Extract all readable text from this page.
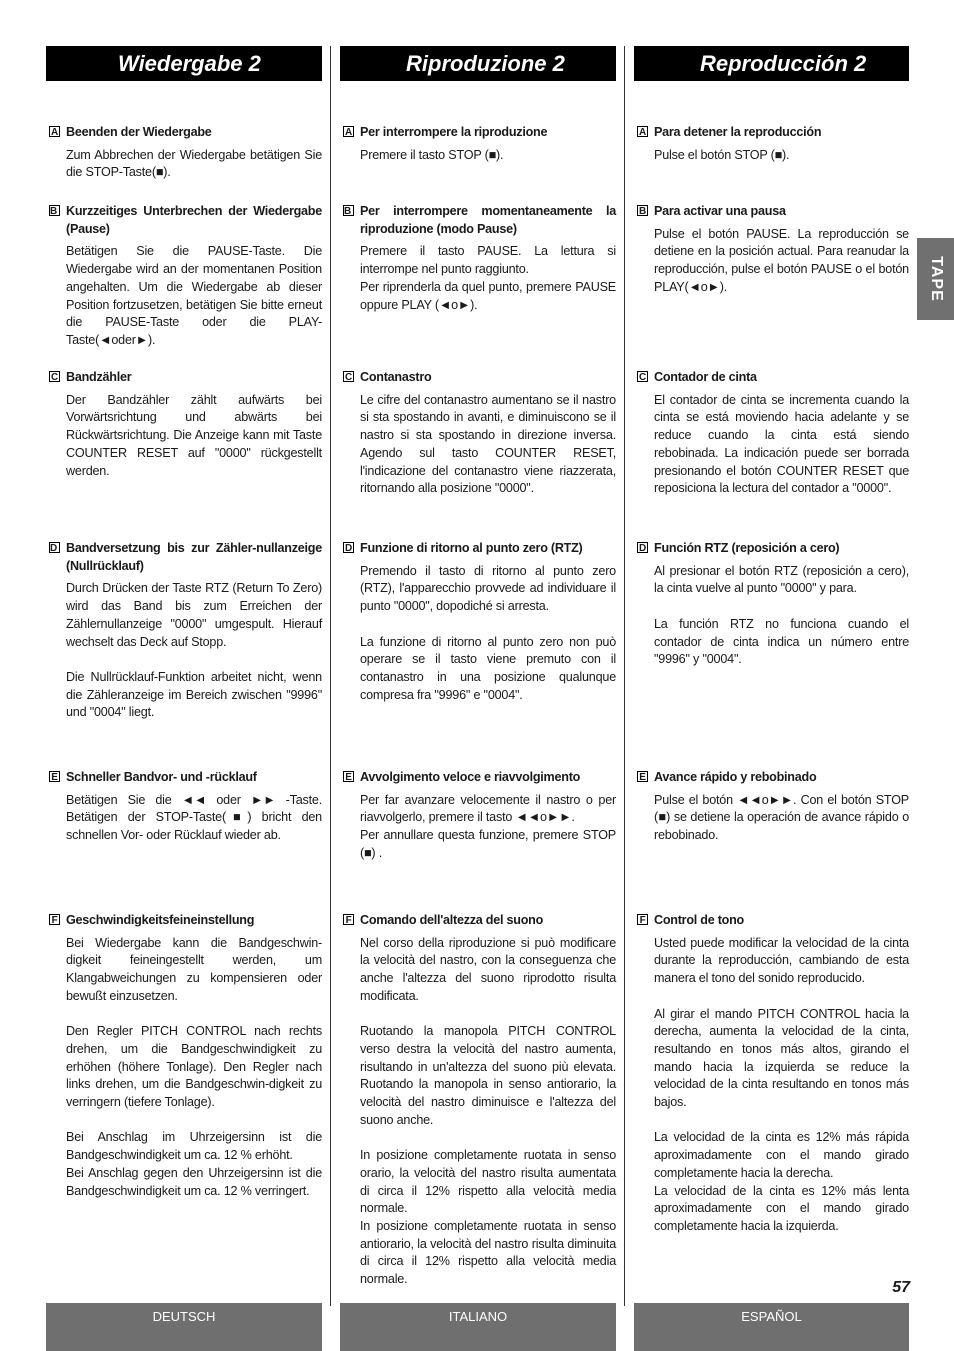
Wiedergabe 2	Riproduzione 2	Reproducción 2
A Beenden der Wiedergabe
Zum Abbrechen der Wiedergabe betätigen Sie die STOP-Taste(■).
B Kurzzeitiges Unterbrechen der Wiedergabe (Pause)
Betätigen Sie die PAUSE-Taste. Die Wiedergabe wird an der momentanen Position angehalten. Um die Wiedergabe ab dieser Position fortzusetzen, betätigen Sie bitte erneut die PAUSE-Taste oder die PLAY-Taste(◄oder►).
C Bandzähler
Der Bandzähler zählt aufwärts bei Vorwärtsrichtung und abwärts bei Rückwärtsrichtung. Die Anzeige kann mit Taste COUNTER RESET auf "0000" rückgestellt werden.
D Bandversetzung bis zur Zähler-nullanzeige (Nullrücklauf)
Durch Drücken der Taste RTZ (Return To Zero) wird das Band bis zum Erreichen der Zählernullanzeige "0000" umgespult. Hierauf wechselt das Deck auf Stopp.

Die Nullrücklauf-Funktion arbeitet nicht, wenn die Zähleranzeige im Bereich zwischen "9996" und "0004" liegt.
E Schneller Bandvor- und -rücklauf
Betätigen Sie die ◄◄ oder ►► -Taste. Betätigen der STOP-Taste(■) bricht den schnellen Vor- oder Rücklauf wieder ab.
F Geschwindigkeitsfeineinstellung
Bei Wiedergabe kann die Bandgeschwin-digkeit feineingestellt werden, um Klangabweichungen zu kompensieren oder bewußt einzusetzen.

Den Regler PITCH CONTROL nach rechts drehen, um die Bandgeschwindigkeit zu erhöhen (höhere Tonlage). Den Regler nach links drehen, um die Bandgeschwin-digkeit zu verringern (tiefere Tonlage).

Bei Anschlag im Uhrzeigersinn ist die Bandgeschwindigkeit um ca. 12 % erhöht.
Bei Anschlag gegen den Uhrzeigersinn ist die Bandgeschwindigkeit um ca. 12 % verringert.
A Per interrompere la riproduzione
Premere il tasto STOP (■).
B Per interrompere momentaneamente la riproduzione (modo Pause)
Premere il tasto PAUSE. La lettura si interrompe nel punto raggiunto.
Per riprenderla da quel punto, premere PAUSE oppure PLAY (◄o►).
C Contanastro
Le cifre del contanastro aumentano se il nastro si sta spostando in avanti, e diminuiscono se il nastro si sta spostando in direzione inversa. Agendo sul tasto COUNTER RESET, l'indicazione del contanastro viene riazzerata, ritornando alla posizione "0000".
D Funzione di ritorno al punto zero (RTZ)
Premendo il tasto di ritorno al punto zero (RTZ), l'apparecchio provvede ad individuare il punto "0000", dopodiché si arresta.

La funzione di ritorno al punto zero non può operare se il tasto viene premuto con il contanastro in una posizione qualunque compresa fra "9996" e "0004".
E Avvolgimento veloce e riavvolgimento
Per far avanzare velocemente il nastro o per riavvolgerlo, premere il tasto ◄◄o►►.
Per annullare questa funzione, premere STOP (■) .
F Comando dell'altezza del suono
Nel corso della riproduzione si può modificare la velocità del nastro, con la conseguenza che anche l'altezza del suono riprodotto risulta modificata.

Ruotando la manopola PITCH CONTROL verso destra la velocità del nastro aumenta, risultando in un'altezza del suono più elevata. Ruotando la manopola in senso antiorario, la velocità del nastro diminuisce e l'altezza del suono anche.

In posizione completamente ruotata in senso orario, la velocità del nastro risulta aumentata di circa il 12% rispetto alla velocità media normale.
In posizione completamente ruotata in senso antiorario, la velocità del nastro risulta diminuita di circa il 12% rispetto alla velocità media normale.
A Para detener la reproducción
Pulse el botón STOP (■).
B Para activar una pausa
Pulse el botón PAUSE. La reproducción se detiene en la posición actual. Para reanudar la reproducción, pulse el botón PAUSE o el botón PLAY(◄o►).
C Contador de cinta
El contador de cinta se incrementa cuando la cinta se está moviendo hacia adelante y se reduce cuando la cinta está siendo rebobinada. La indicación puede ser borrada presionando el botón COUNTER RESET que reposiciona la lectura del contador a "0000".
D Función RTZ (reposición a cero)
Al presionar el botón RTZ (reposición a cero), la cinta vuelve al punto "0000" y para.

La función RTZ no funciona cuando el contador de cinta indica un número entre "9996" y "0004".
E Avance rápido y rebobinado
Pulse el botón ◄◄o►►. Con el botón STOP (■) se detiene la operación de avance rápido o rebobinado.
F Control de tono
Usted puede modificar la velocidad de la cinta durante la reproducción, cambiando de esta manera el tono del sonido reproducido.

Al girar el mando PITCH CONTROL hacia la derecha, aumenta la velocidad de la cinta, resultando en tonos más altos, girando el mando hacia la izquierda se reduce la velocidad de la cinta resultando en tonos más bajos.

La velocidad de la cinta es 12% más rápida aproximadamente con el mando girado completamente hacia la derecha.
La velocidad de la cinta es 12% más lenta aproximadamente con el mando girado completamente hacia la izquierda.
TAPE
57
DEUTSCH	ITALIANO	ESPAÑOL
